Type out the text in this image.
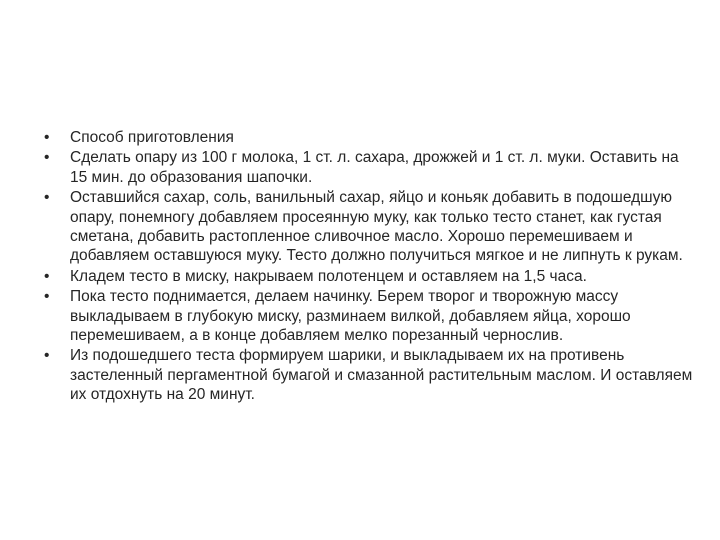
•	Способ приготовления
•	Сделать опару из 100 г молока, 1 ст. л. сахара, дрожжей и 1 ст. л. муки. Оставить на 15 мин. до образования шапочки.
•	Оставшийся сахар, соль, ванильный сахар, яйцо и коньяк добавить в подошедшую опару, понемногу добавляем просеянную муку, как только тесто станет, как густая сметана, добавить растопленное сливочное масло. Хорошо перемешиваем и добавляем оставшуюся муку. Тесто должно получиться мягкое и не липнуть к рукам.
•	Кладем тесто в миску, накрываем полотенцем и оставляем на 1,5 часа.
•	Пока тесто поднимается, делаем начинку. Берем творог и творожную массу выкладываем в глубокую миску, разминаем вилкой, добавляем яйца, хорошо перемешиваем, а в конце добавляем мелко порезанный чернослив.
•	Из подошедшего теста формируем шарики, и выкладываем их на противень застеленный пергаментной бумагой и смазанной растительным маслом. И оставляем их отдохнуть на 20 минут.
